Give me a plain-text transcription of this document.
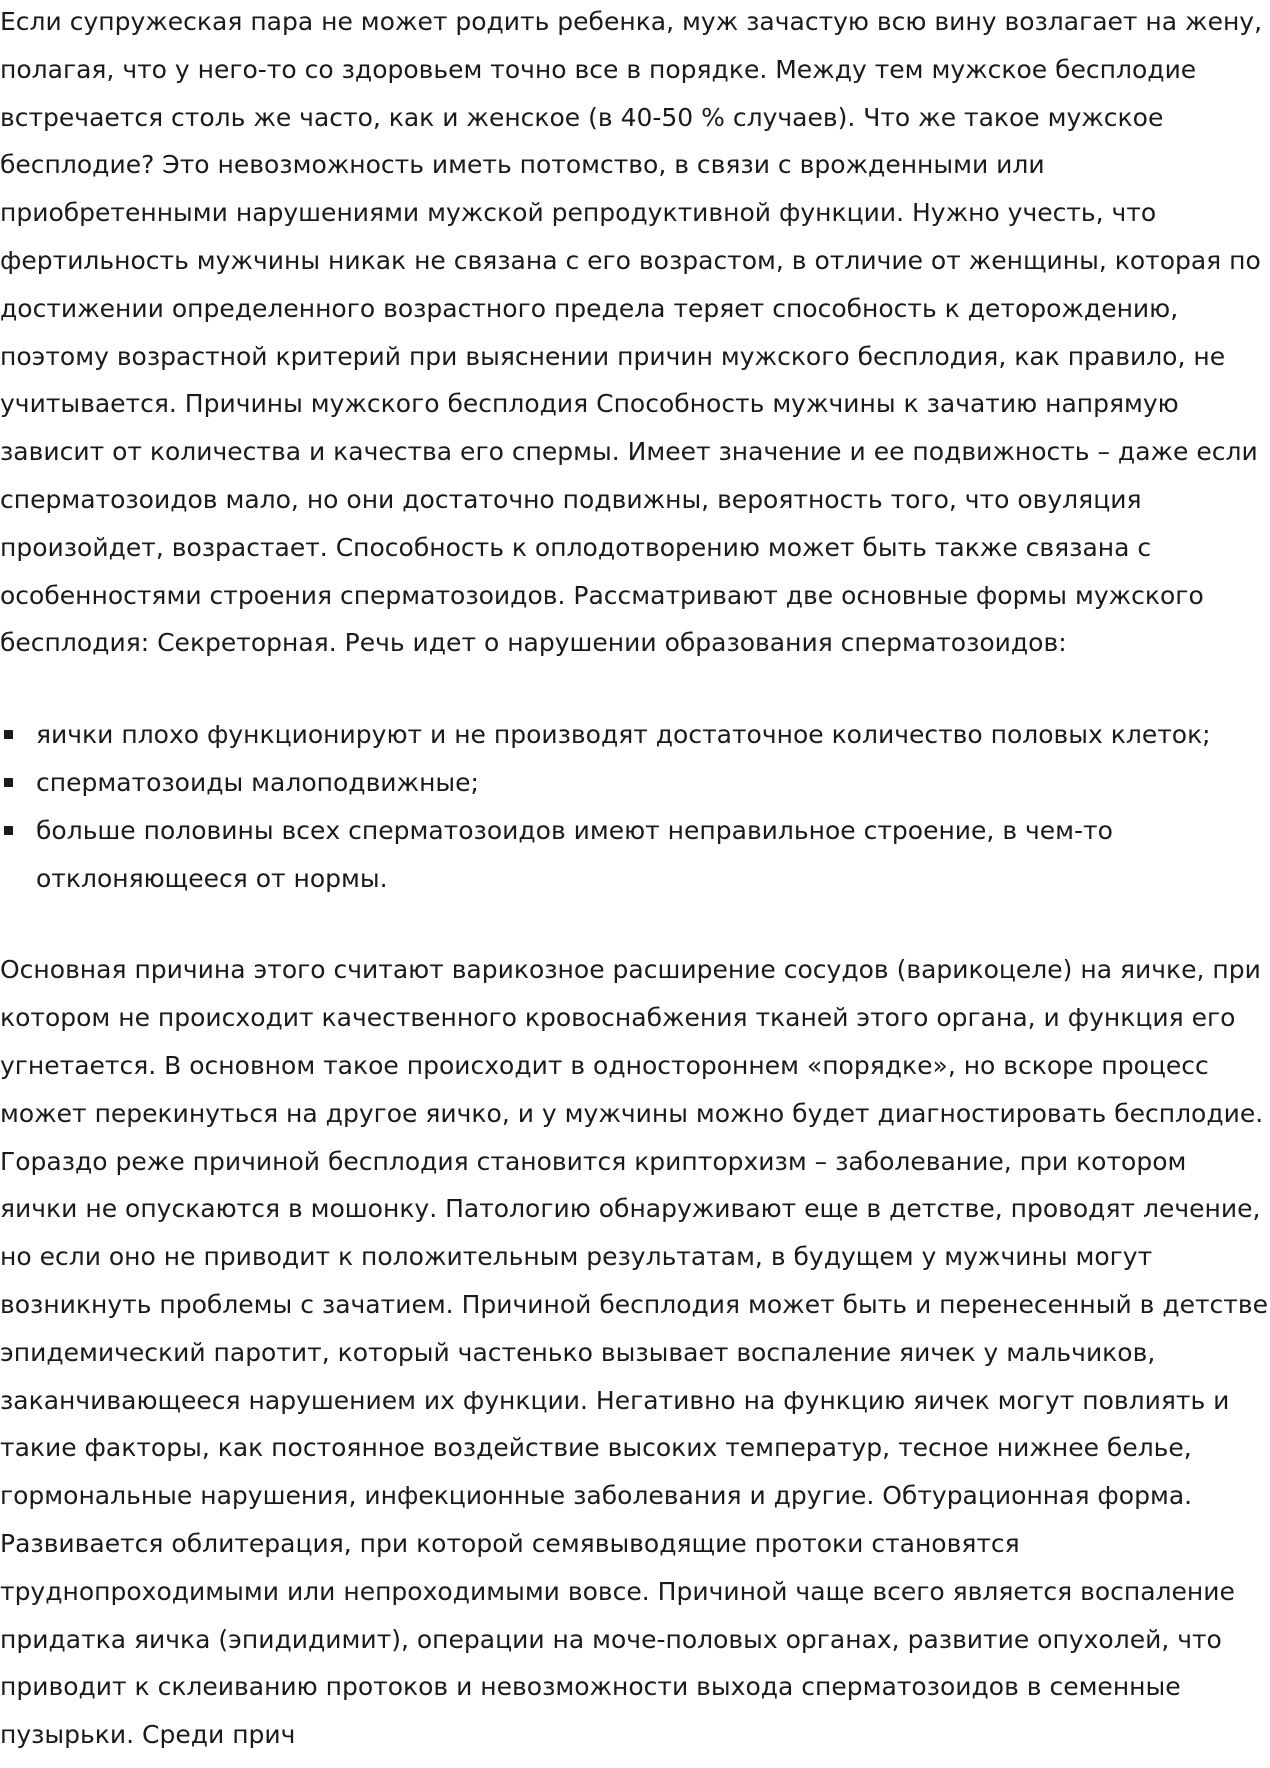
Если супружеская пара не может родить ребенка, муж зачастую всю вину возлагает на жену, полагая, что у него-то со здоровьем точно все в порядке. Между тем мужское бесплодие встречается столь же часто, как и женское (в 40-50 % случаев). Что же такое мужское бесплодие? Это невозможность иметь потомство, в связи с врожденными или приобретенными нарушениями мужской репродуктивной функции. Нужно учесть, что фертильность мужчины никак не связана с его возрастом, в отличие от женщины, которая по достижении определенного возрастного предела теряет способность к деторождению, поэтому возрастной критерий при выяснении причин мужского бесплодия, как правило, не учитывается. Причины мужского бесплодия Способность мужчины к зачатию напрямую зависит от количества и качества его спермы. Имеет значение и ее подвижность – даже если сперматозоидов мало, но они достаточно подвижны, вероятность того, что овуляция произойдет, возрастает. Способность к оплодотворению может быть также связана с особенностями строения сперматозоидов. Рассматривают две основные формы мужского бесплодия: Секреторная. Речь идет о нарушении образования сперматозоидов:

яички плохо функционируют и не производят достаточное количество половых клеток;
сперматозоиды малоподвижные;
больше половины всех сперматозоидов имеют неправильное строение, в чем-то отклоняющееся от нормы.

Основная причина этого считают варикозное расширение сосудов (варикоцеле) на яичке, при котором не происходит качественного кровоснабжения тканей этого органа, и функция его угнетается. В основном такое происходит в одностороннем «порядке», но вскоре процесс может перекинуться на другое яичко, и у мужчины можно будет диагностировать бесплодие. Гораздо реже причиной бесплодия становится крипторхизм – заболевание, при котором яички не опускаются в мошонку. Патологию обнаруживают еще в детстве, проводят лечение, но если оно не приводит к положительным результатам, в будущем у мужчины могут возникнуть проблемы с зачатием. Причиной бесплодия может быть и перенесенный в детстве эпидемический паротит, который частенько вызывает воспаление яичек у мальчиков, заканчивающееся нарушением их функции. Негативно на функцию яичек могут повлиять и такие факторы, как постоянное воздействие высоких температур, тесное нижнее белье, гормональные нарушения, инфекционные заболевания и другие. Обтурационная форма. Развивается облитерация, при которой семявыводящие протоки становятся труднопроходимыми или непроходимыми вовсе. Причиной чаще всего является воспаление придатка яичка (эпидидимит), операции на моче-половых органах, развитие опухолей, что приводит к склеиванию протоков и невозможности выхода сперматозоидов в семенные пузырьки. Среди прич
